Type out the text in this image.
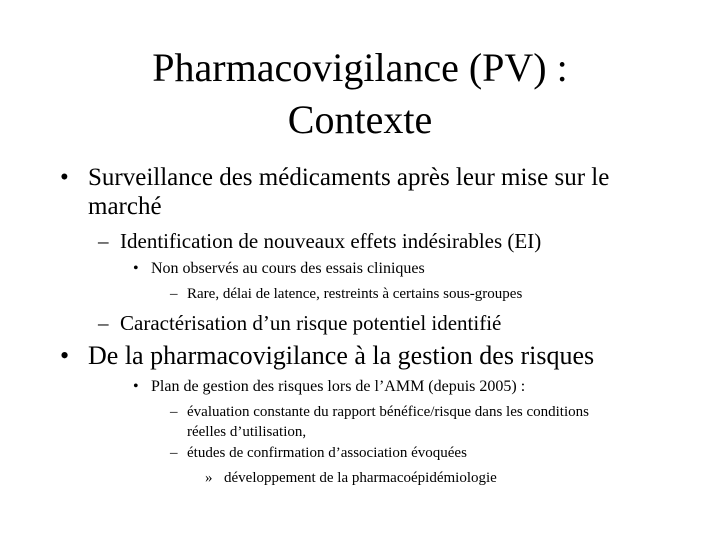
Pharmacovigilance (PV) :
Contexte
• Surveillance des médicaments après leur mise sur le marché
– Identification de nouveaux effets indésirables (EI)
• Non observés au cours des essais cliniques
– Rare, délai de latence, restreints à certains sous-groupes
– Caractérisation d’un risque potentiel identifié
• De la pharmacovigilance à la gestion des risques
• Plan de gestion des risques lors de l’AMM (depuis 2005) :
– évaluation constante du rapport bénéfice/risque dans les conditions réelles d’utilisation,
– études de confirmation d’association évoquées
» développement de la pharmacoépidémiologie
